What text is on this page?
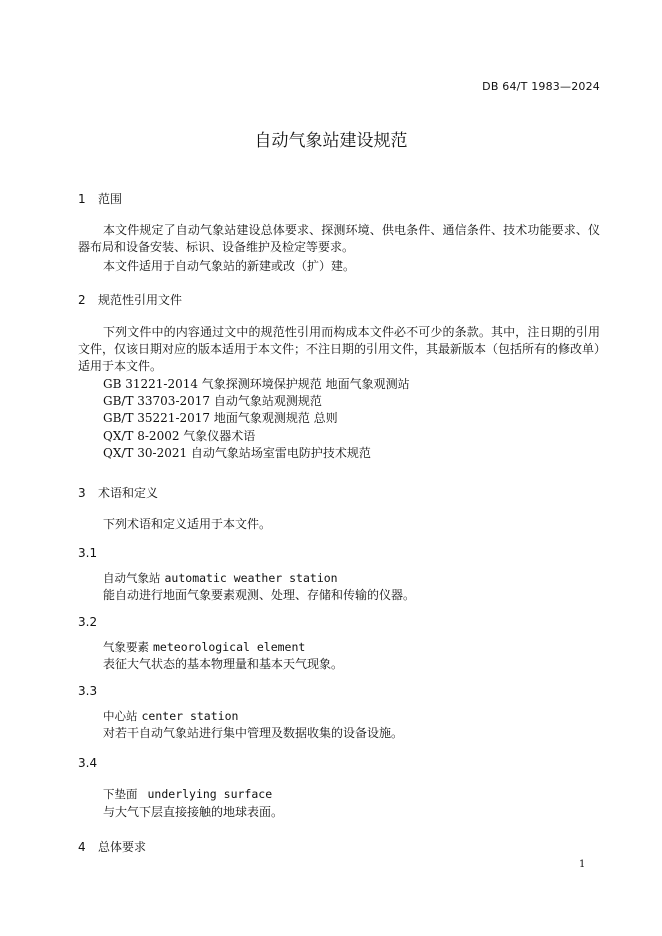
DB 64/T 1983—2024
自动气象站建设规范
1 范围
本文件规定了自动气象站建设总体要求、探测环境、供电条件、通信条件、技术功能要求、仪器布局和设备安装、标识、设备维护及检定等要求。
本文件适用于自动气象站的新建或改（扩）建。
2 规范性引用文件
下列文件中的内容通过文中的规范性引用而构成本文件必不可少的条款。其中，注日期的引用文件，仅该日期对应的版本适用于本文件；不注日期的引用文件，其最新版本（包括所有的修改单）适用于本文件。
GB 31221-2014 气象探测环境保护规范 地面气象观测站
GB/T 33703-2017 自动气象站观测规范
GB/T 35221-2017 地面气象观测规范 总则
QX/T 8-2002 气象仪器术语
QX/T 30-2021 自动气象站场室雷电防护技术规范
3 术语和定义
下列术语和定义适用于本文件。
3.1
自动气象站 automatic weather station
能自动进行地面气象要素观测、处理、存储和传输的仪器。
3.2
气象要素 meteorological element
表征大气状态的基本物理量和基本天气现象。
3.3
中心站 center station
对若干自动气象站进行集中管理及数据收集的设备设施。
3.4
下垫面 underlying surface
与大气下层直接接触的地球表面。
4 总体要求
1
